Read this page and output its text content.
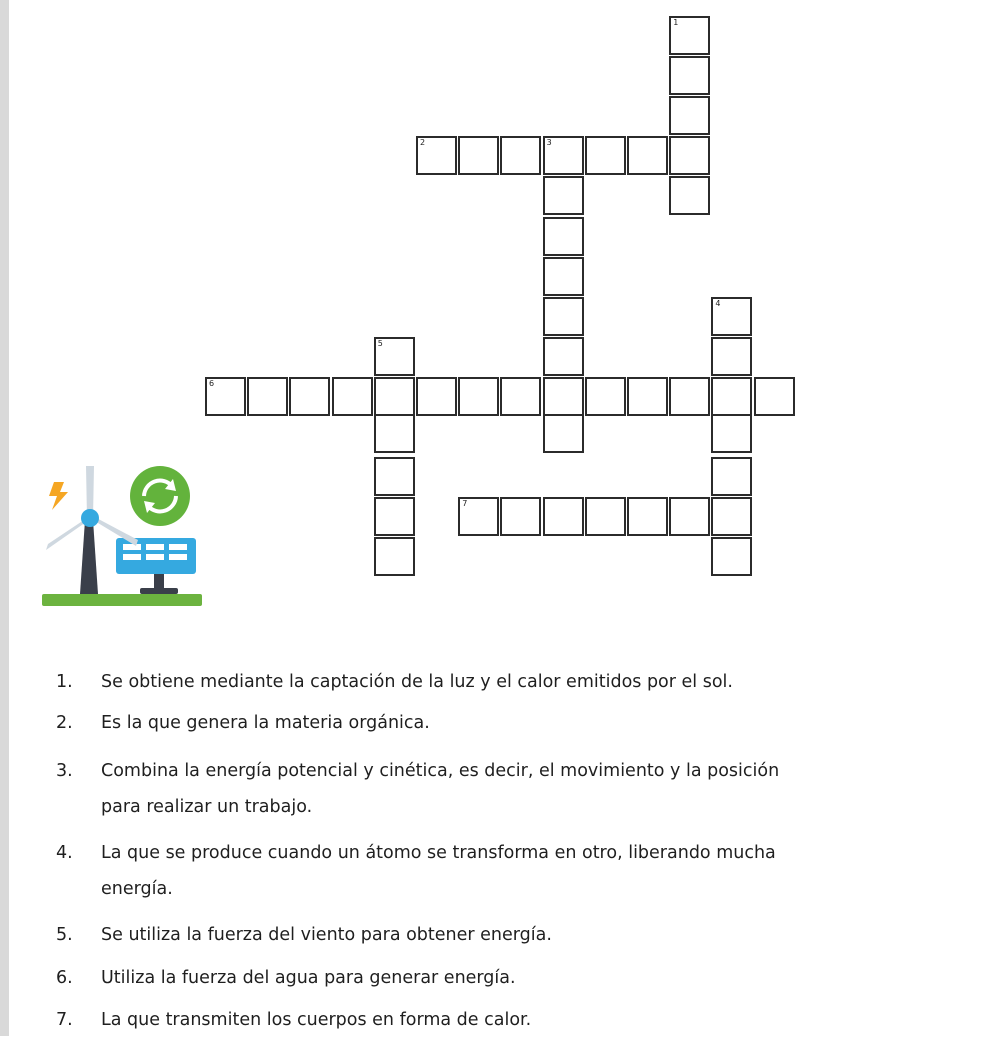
1
2	3
4
5
6
7
1. Se obtiene mediante la captación de la luz y el calor emitidos por el sol.
2. Es la que genera la materia orgánica.
3. Combina la energía potencial y cinética, es decir, el movimiento y la posición
para realizar un trabajo.
4. La que se produce cuando un átomo se transforma en otro, liberando mucha
energía.
5. Se utiliza la fuerza del viento para obtener energía.
6. Utiliza la fuerza del agua para generar energía.
7. La que transmiten los cuerpos en forma de calor.
